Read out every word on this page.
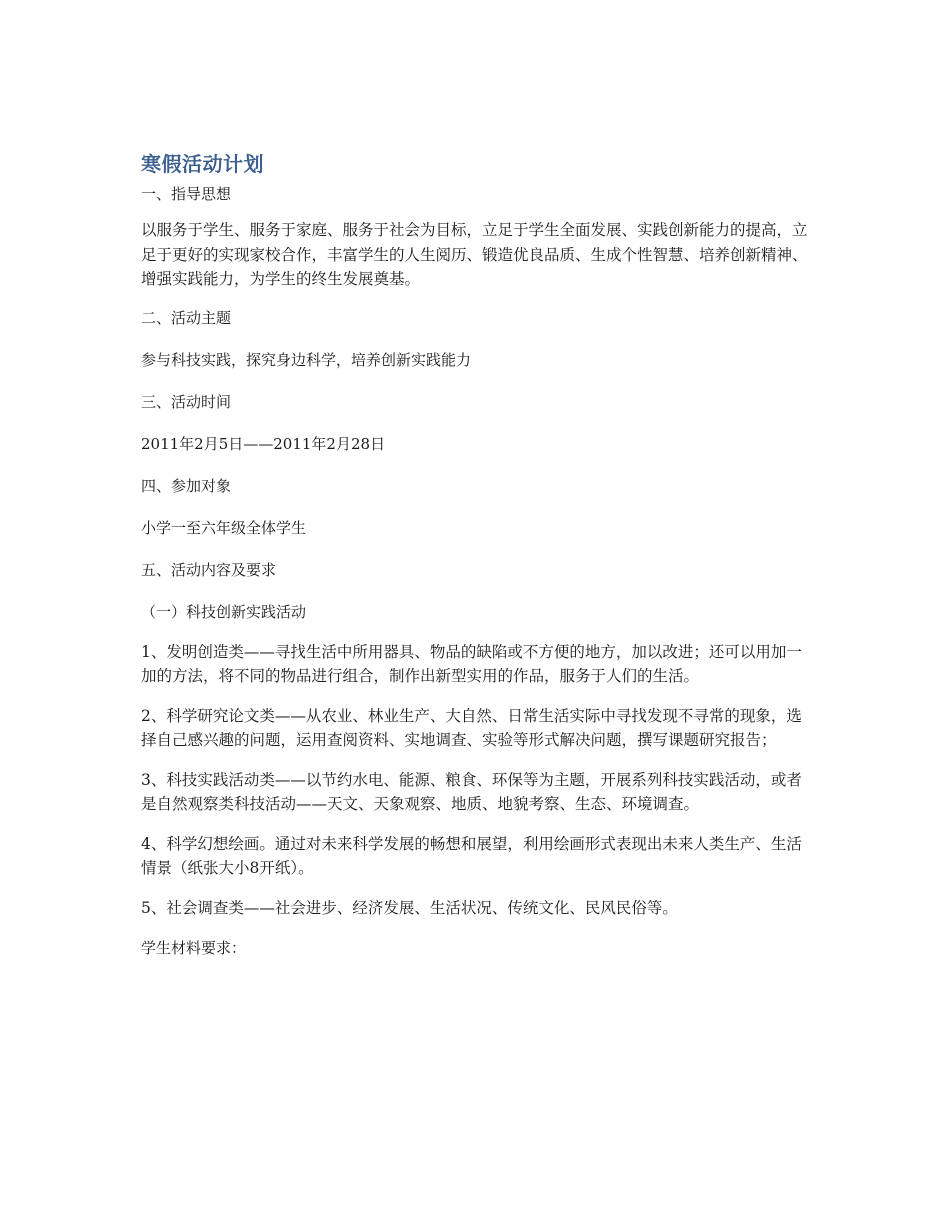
寒假活动计划

一、指导思想

以服务于学生、服务于家庭、服务于社会为目标，立足于学生全面发展、实践创新能力的提高，立足于更好的实现家校合作，丰富学生的人生阅历、锻造优良品质、生成个性智慧、培养创新精神、增强实践能力，为学生的终生发展奠基。

二、活动主题

参与科技实践，探究身边科学，培养创新实践能力

三、活动时间

2011年2月5日——2011年2月28日

四、参加对象

小学一至六年级全体学生

五、活动内容及要求

（一）科技创新实践活动

1、发明创造类——寻找生活中所用器具、物品的缺陷或不方便的地方，加以改进；还可以用加一加的方法，将不同的物品进行组合，制作出新型实用的作品，服务于人们的生活。

2、科学研究论文类——从农业、林业生产、大自然、日常生活实际中寻找发现不寻常的现象，选择自己感兴趣的问题，运用查阅资料、实地调查、实验等形式解决问题，撰写课题研究报告；

3、科技实践活动类——以节约水电、能源、粮食、环保等为主题，开展系列科技实践活动，或者是自然观察类科技活动——天文、天象观察、地质、地貌考察、生态、环境调查。

4、科学幻想绘画。通过对未来科学发展的畅想和展望，利用绘画形式表现出未来人类生产、生活情景（纸张大小8开纸）。

5、社会调查类——社会进步、经济发展、生活状况、传统文化、民风民俗等。

学生材料要求：
